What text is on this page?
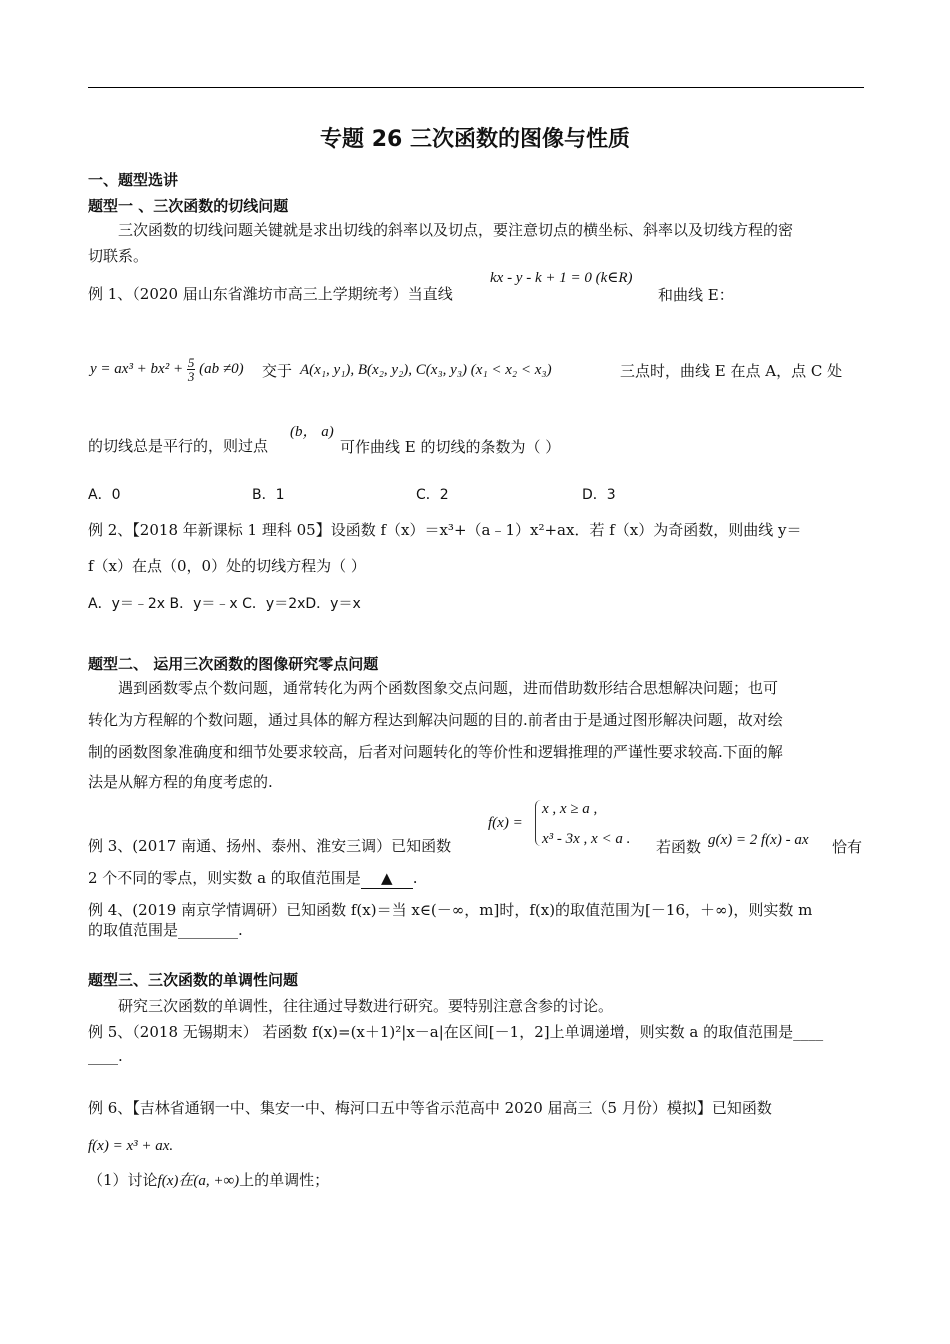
专题 26 三次函数的图像与性质
一、题型选讲
题型一 、三次函数的切线问题
三次函数的切线问题关键就是求出切线的斜率以及切点，要注意切点的横坐标、斜率以及切线方程的密
切联系。
例 1、（2020 届山东省潍坊市高三上学期统考）当直线
kx - y - k + 1 = 0 (k∈R)
和曲线 E：
$y = ax^3 + bx^2 + \frac{5}{3} (ab \ne 0)$ 交于 A(x₁, y₁), B(x₂, y₂), C(x₃, y₃) (x₁ < x₂ < x₃)	三点时，曲线 E 在点 A，点 C 处
的切线总是平行的，则过点
(b， a)
可作曲线 E 的切线的条数为（ ）
A．0	B．1	C．2	D．3
例 2、【2018 年新课标 1 理科 05】设函数 f（x）＝x³+（a﹣1）x²+ax．若 f（x）为奇函数，则曲线 y＝
f（x）在点（0，0）处的切线方程为（ ）
A．y＝﹣2x B．y＝﹣x C．y＝2xD．y＝x
题型二、 运用三次函数的图像研究零点问题
遇到函数零点个数问题，通常转化为两个函数图象交点问题，进而借助数形结合思想解决问题；也可
转化为方程解的个数问题，通过具体的解方程达到解决问题的目的.前者由于是通过图形解决问题，故对绘
制的函数图象准确度和细节处要求较高，后者对问题转化的等价性和逻辑推理的严谨性要求较高.下面的解
法是从解方程的角度考虑的.
例 3、(2017 南通、扬州、泰州、淮安三调）已知函数
f(x) =
x , x ≥ a ,
x³ - 3x , x < a . 若函数 g(x) = 2 f(x) - ax 恰有
2 个不同的零点，则实数 a 的取值范围是 ▲ .
例 4、(2019 南京学情调研）已知函数 f(x)＝当 x∈(－∞，m]时，f(x)的取值范围为[－16，＋∞)，则实数 m
的取值范围是________.
题型三、三次函数的单调性问题
研究三次函数的单调性，往往通过导数进行研究。要特别注意含参的讨论。
例 5、（2018 无锡期末） 若函数 f(x)=(x＋1)²|x－a|在区间[－1，2]上单调递增，则实数 a 的取值范围是____
____.
例 6、【吉林省通钢一中、集安一中、梅河口五中等省示范高中 2020 届高三（5 月份）模拟】已知函数
f(x) = x³ + ax.
（1）讨论f(x)在(a, +∞)上的单调性；
